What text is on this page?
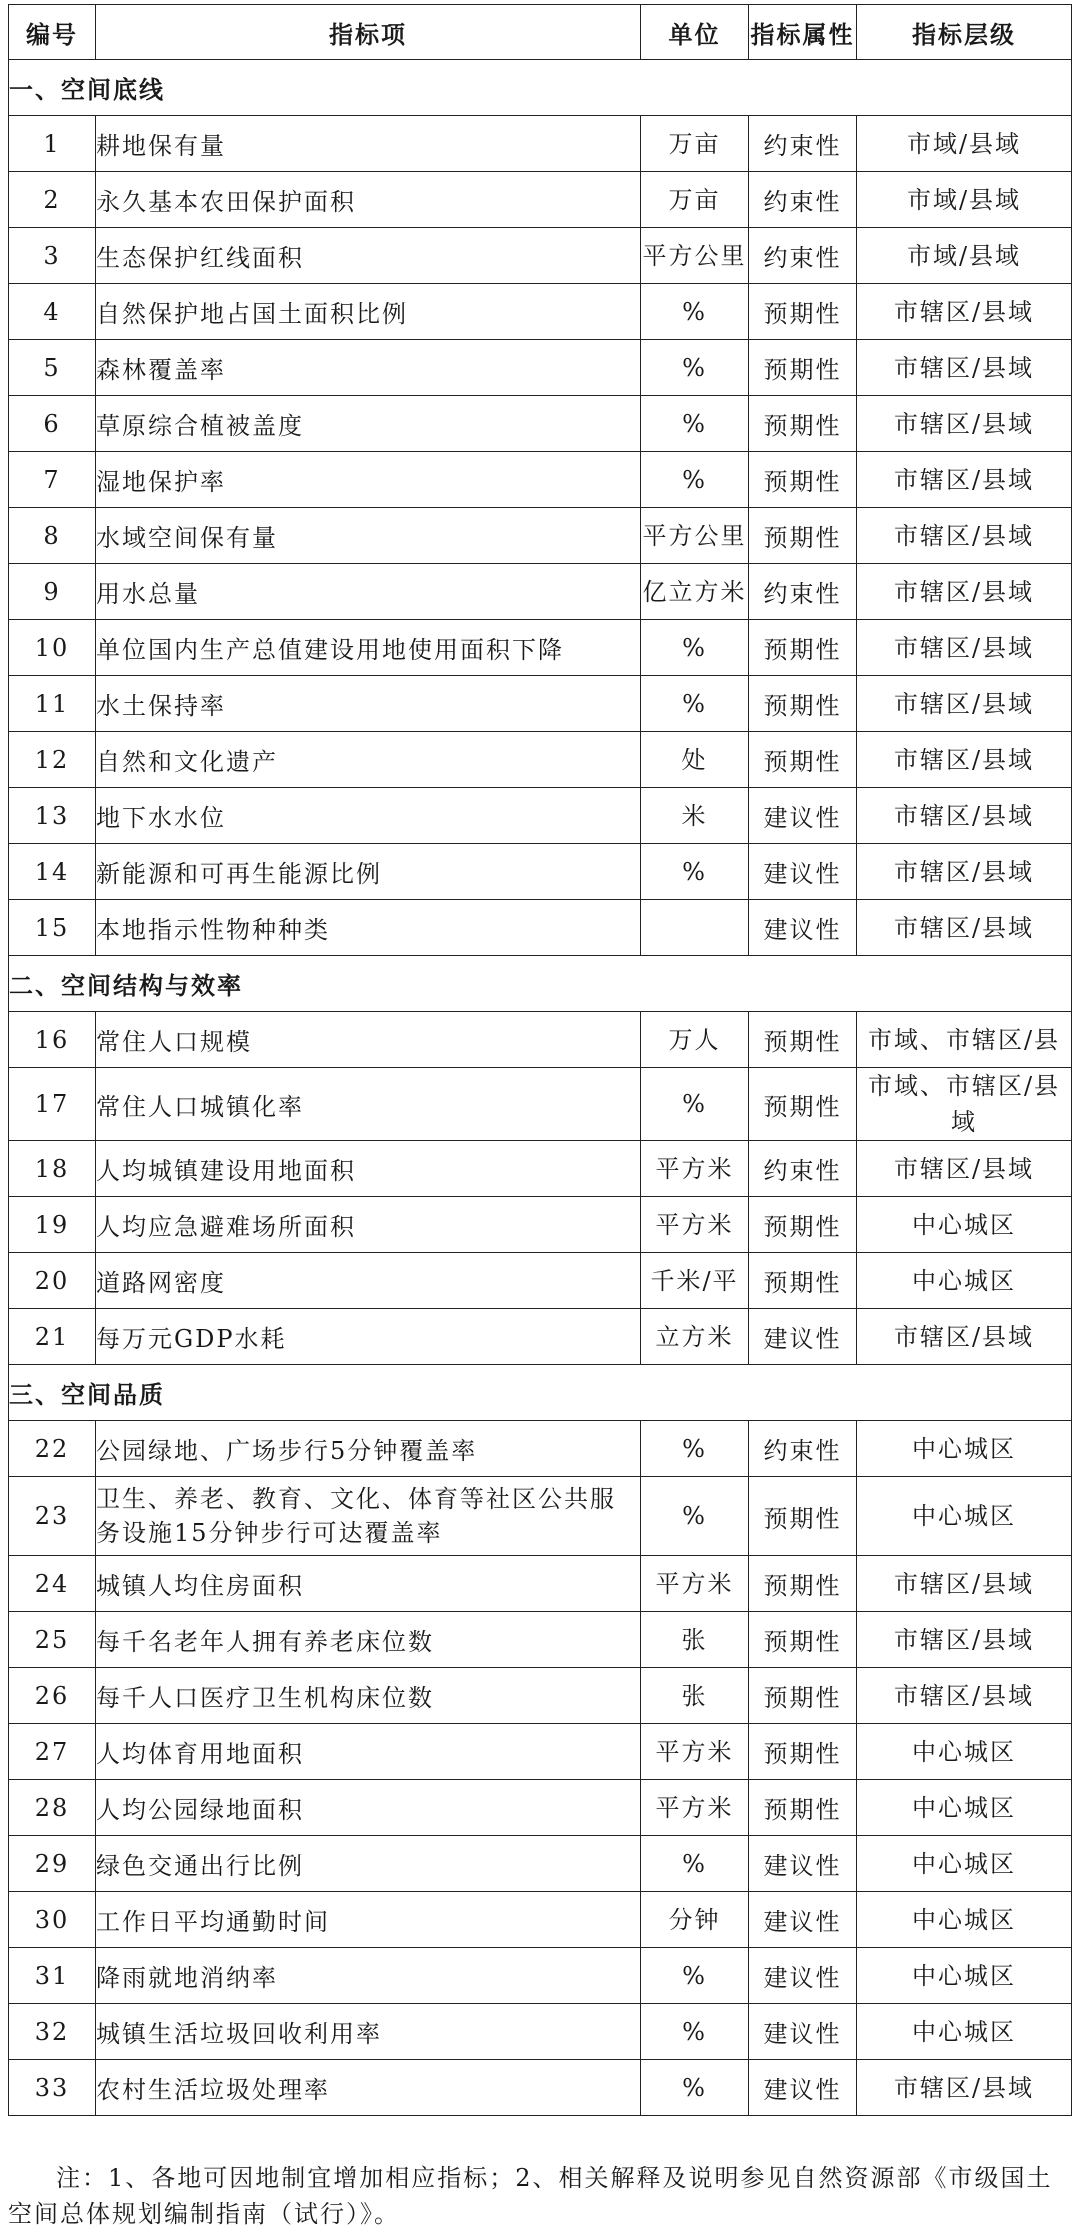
编号	指标项	单位	指标属性	指标层级
一、空间底线				
1	耕地保有量	万亩	约束性	市域/县域
2	永久基本农田保护面积	万亩	约束性	市域/县域
3	生态保护红线面积	平方公里	约束性	市域/县域
4	自然保护地占国土面积比例	%	预期性	市辖区/县域
5	森林覆盖率	%	预期性	市辖区/县域
6	草原综合植被盖度	%	预期性	市辖区/县域
7	湿地保护率	%	预期性	市辖区/县域
8	水域空间保有量	平方公里	预期性	市辖区/县域
9	用水总量	亿立方米	约束性	市辖区/县域
10	单位国内生产总值建设用地使用面积下降	%	预期性	市辖区/县域
11	水土保持率	%	预期性	市辖区/县域
12	自然和文化遗产	处	预期性	市辖区/县域
13	地下水水位	米	建议性	市辖区/县域
14	新能源和可再生能源比例	%	建议性	市辖区/县域
15	本地指示性物种种类		建议性	市辖区/县域
二、空间结构与效率				
16	常住人口规模	万人	预期性	市域、市辖区/县

17	常住人口城镇化率	%	预期性	市域、市辖区/县域
18	人均城镇建设用地面积	平方米	约束性	市辖区/县域
19	人均应急避难场所面积	平方米	预期性	中心城区
20	道路网密度	千米/平	预期性	中心城区
21	每万元GDP水耗	立方米	建议性	市辖区/县域
三、空间品质				
22	公园绿地、广场步行5分钟覆盖率	%	约束性	中心城区
23	卫生、养老、教育、文化、体育等社区公共服务设施15分钟步行可达覆盖率	%	预期性	中心城区
24	城镇人均住房面积	平方米	预期性	市辖区/县域
25	每千名老年人拥有养老床位数	张	预期性	市辖区/县域
26	每千人口医疗卫生机构床位数	张	预期性	市辖区/县域
27	人均体育用地面积	平方米	预期性	中心城区
28	人均公园绿地面积	平方米	预期性	中心城区
29	绿色交通出行比例	%	建议性	中心城区
30	工作日平均通勤时间	分钟	建议性	中心城区
31	降雨就地消纳率	%	建议性	中心城区
32	城镇生活垃圾回收利用率	%	建议性	中心城区
33	农村生活垃圾处理率	%	建议性	市辖区/县域
注：1、各地可因地制宜增加相应指标；2、相关解释及说明参见自然资源部《市级国土空间总体规划编制指南（试行）》。
